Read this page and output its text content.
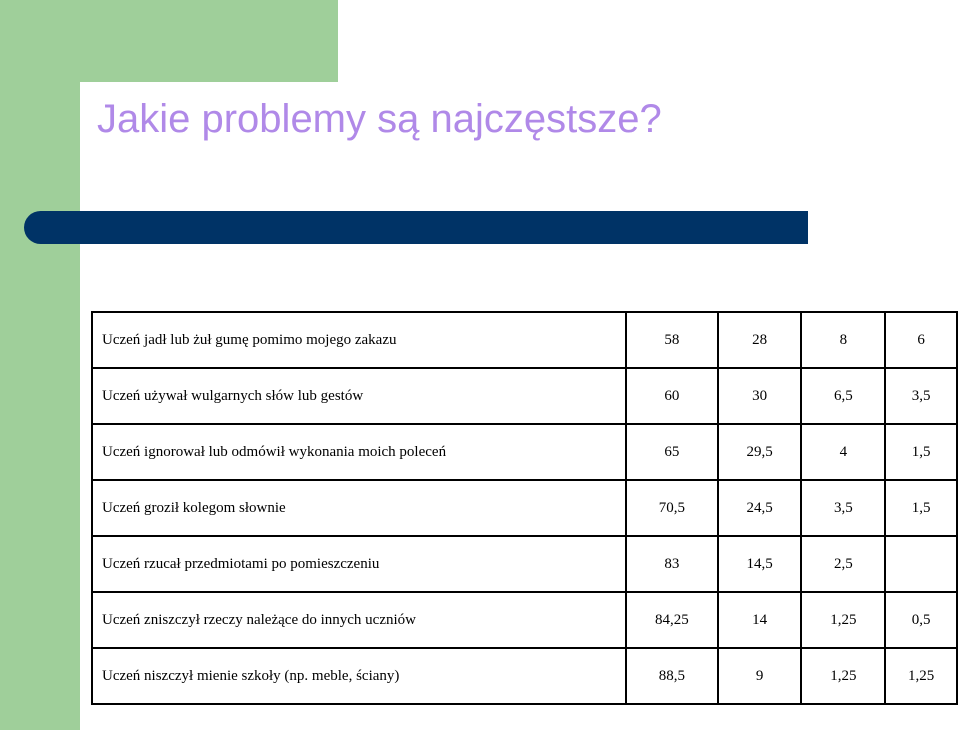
Jakie problemy są najczęstsze?
Uczeń jadł lub żuł gumę pomimo mojego zakazu	58	28	8	6
Uczeń używał wulgarnych słów lub gestów	60	30	6,5	3,5
Uczeń ignorował lub odmówił wykonania moich poleceń	65	29,5	4	1,5
Uczeń groził kolegom słownie	70,5	24,5	3,5	1,5
Uczeń rzucał przedmiotami po pomieszczeniu	83	14,5	2,5	
Uczeń zniszczył rzeczy należące do innych uczniów	84,25	14	1,25	0,5
Uczeń niszczył mienie szkoły (np. meble, ściany)	88,5	9	1,25	1,25
